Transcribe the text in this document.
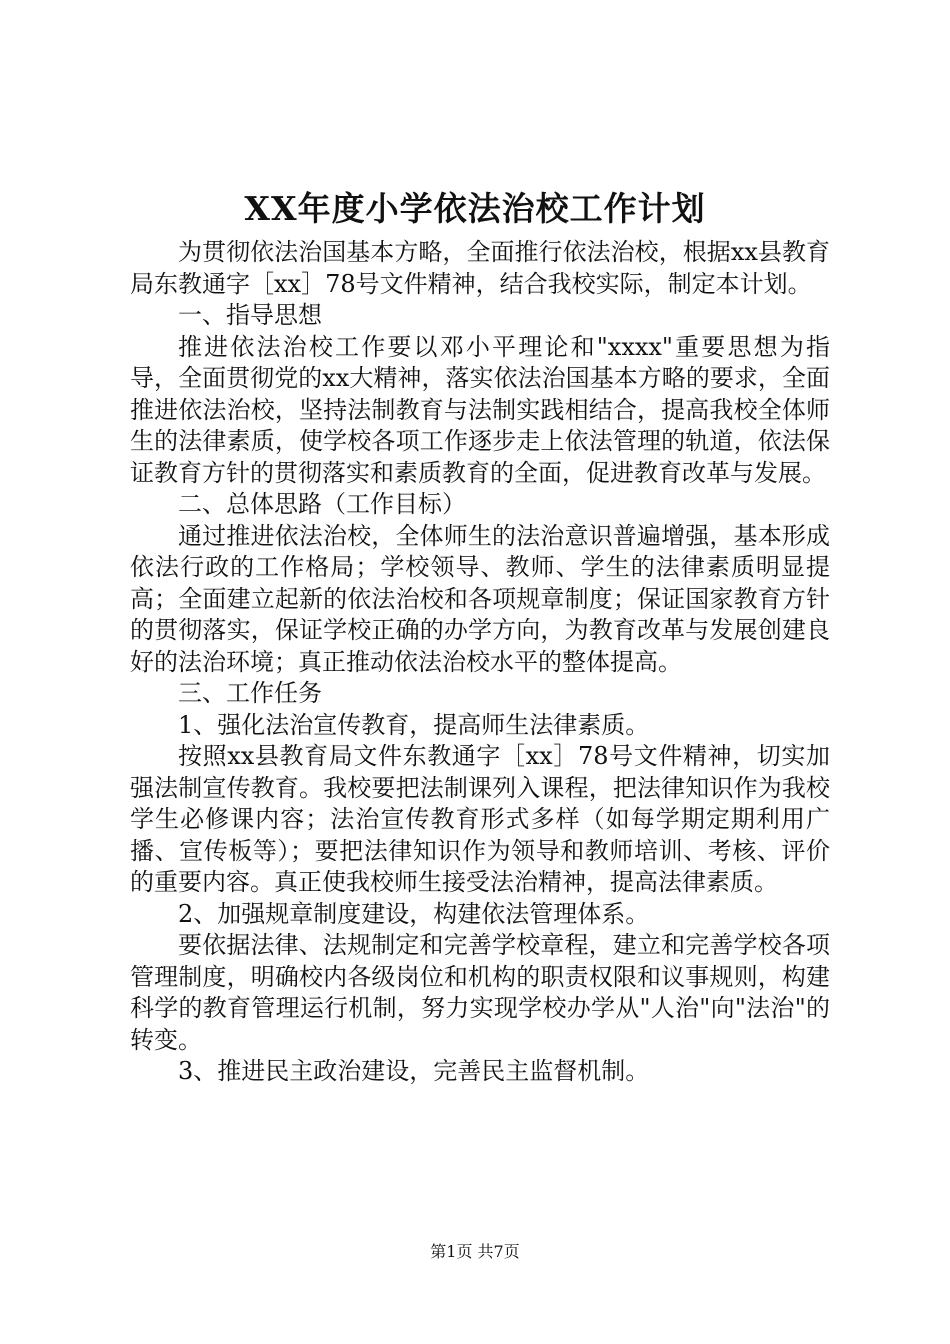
XX年度小学依法治校工作计划

为贯彻依法治国基本方略，全面推行依法治校，根据xx县教育局东教通字［xx］78号文件精神，结合我校实际，制定本计划。

一、指导思想

推进依法治校工作要以邓小平理论和"xxxx"重要思想为指导，全面贯彻党的xx大精神，落实依法治国基本方略的要求，全面推进依法治校，坚持法制教育与法制实践相结合，提高我校全体师生的法律素质，使学校各项工作逐步走上依法管理的轨道，依法保证教育方针的贯彻落实和素质教育的全面，促进教育改革与发展。

二、总体思路（工作目标）

通过推进依法治校，全体师生的法治意识普遍增强，基本形成依法行政的工作格局；学校领导、教师、学生的法律素质明显提高；全面建立起新的依法治校和各项规章制度；保证国家教育方针的贯彻落实，保证学校正确的办学方向，为教育改革与发展创建良好的法治环境；真正推动依法治校水平的整体提高。

三、工作任务

1、强化法治宣传教育，提高师生法律素质。

按照xx县教育局文件东教通字［xx］78号文件精神，切实加强法制宣传教育。我校要把法制课列入课程，把法律知识作为我校学生必修课内容；法治宣传教育形式多样（如每学期定期利用广播、宣传板等）；要把法律知识作为领导和教师培训、考核、评价的重要内容。真正使我校师生接受法治精神，提高法律素质。

2、加强规章制度建设，构建依法管理体系。

要依据法律、法规制定和完善学校章程，建立和完善学校各项管理制度，明确校内各级岗位和机构的职责权限和议事规则，构建科学的教育管理运行机制，努力实现学校办学从"人治"向"法治"的转变。

3、推进民主政治建设，完善民主监督机制。

第1页 共7页
